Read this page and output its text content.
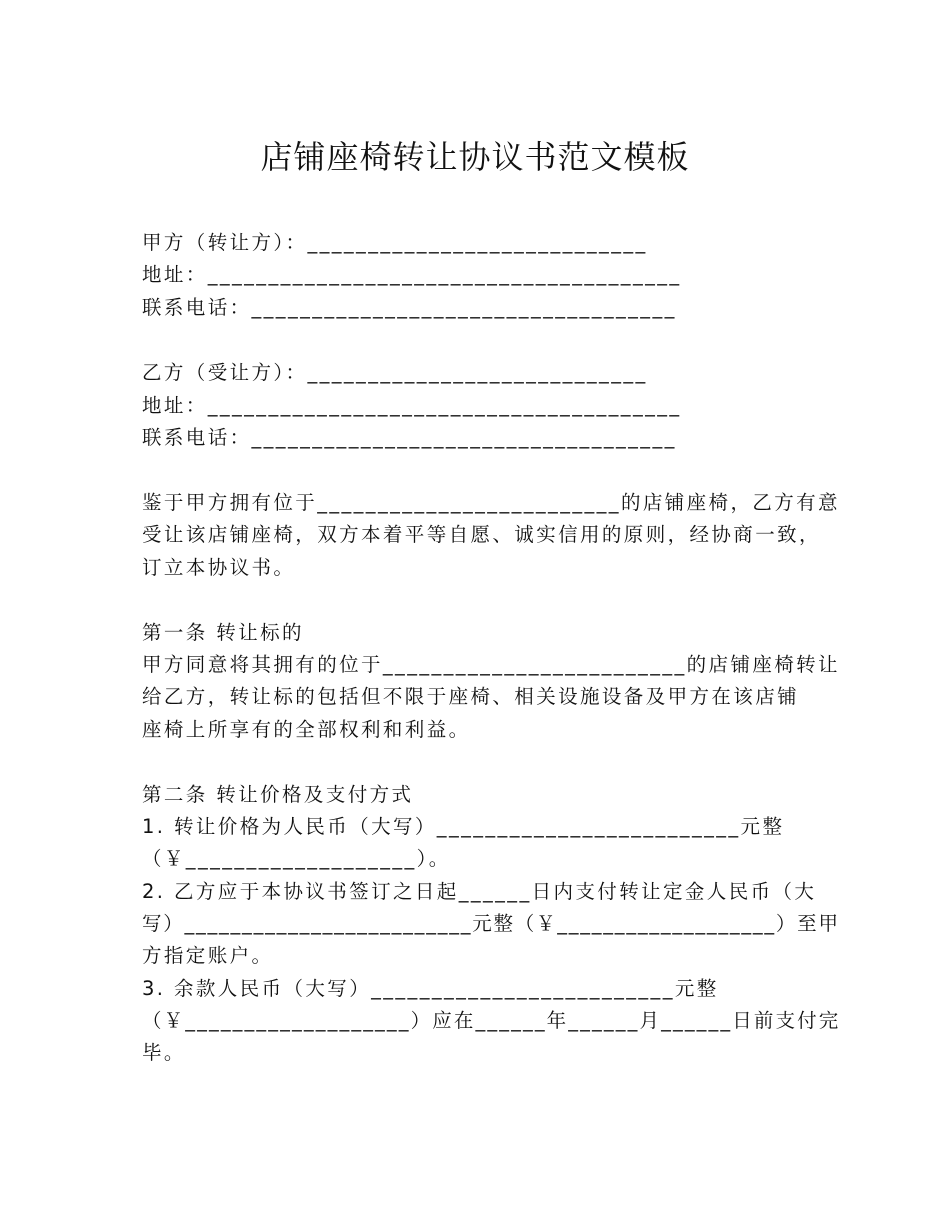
店铺座椅转让协议书范文模板
甲方（转让方）：____________________________
地址：_______________________________________
联系电话：___________________________________
乙方（受让方）：____________________________
地址：_______________________________________
联系电话：___________________________________
鉴于甲方拥有位于_________________________的店铺座椅，乙方有意
受让该店铺座椅，双方本着平等自愿、诚实信用的原则，经协商一致，
订立本协议书。
第一条 转让标的
甲方同意将其拥有的位于_________________________的店铺座椅转让
给乙方，转让标的包括但不限于座椅、相关设施设备及甲方在该店铺
座椅上所享有的全部权利和利益。
第二条 转让价格及支付方式
1. 转让价格为人民币（大写）_________________________元整
（￥___________________）。
2. 乙方应于本协议书签订之日起______日内支付转让定金人民币（大
写）_________________________元整（￥___________________）至甲
方指定账户。
3. 余款人民币（大写）_________________________元整
（￥___________________）应在______年______月______日前支付完
毕。
